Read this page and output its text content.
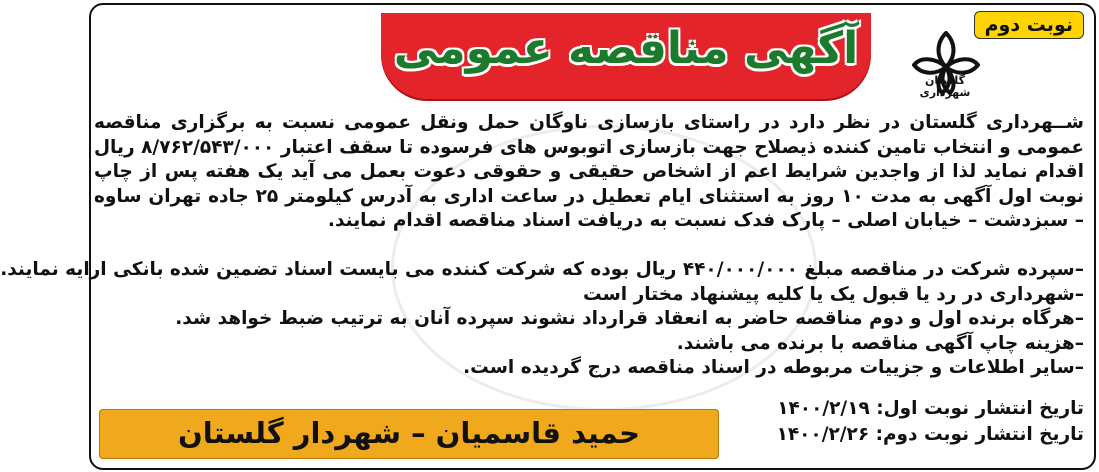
نوبت دوم
گلستان
شهرداری
آگهی مناقصه عمومی

شــهرداری گلستان در نظر دارد در راستای بازسازی ناوگان حمل ونقل عمومی نسبت به برگزاری مناقصه عمومی و انتخاب تامین کننده ذیصلاح جهت بازسازی اتوبوس های فرسوده تا سقف اعتبار ۸/۷۶۲/۵۴۳/۰۰۰ ریال اقدام نماید لذا از واجدین شرایط اعم از اشخاص حقیقی و حقوقی دعوت بعمل می آید یک هفته پس از چاپ نوبت اول آگهی به مدت ۱۰ روز به استثنای ایام تعطیل در ساعت اداری به آدرس کیلومتر ۲۵ جاده تهران ساوه – سبزدشت – خیابان اصلی – پارک فدک نسبت به دریافت اسناد مناقصه اقدام نمایند.

–سپرده شرکت در مناقصه مبلغ ۴۴۰/۰۰۰/۰۰۰ ریال بوده که شرکت کننده می بایست اسناد تضمین شده بانکی ارایه نمایند.
–شهرداری در رد یا قبول یک یا کلیه پیشنهاد مختار است
–هرگاه برنده اول و دوم مناقصه حاضر به انعقاد قرارداد نشوند سپرده آنان به ترتیب ضبط خواهد شد.
–هزینه چاپ آگهی مناقصه با برنده می باشند.
–سایر اطلاعات و جزییات مربوطه در اسناد مناقصه درج گردیده است.
تاریخ انتشار نوبت اول: ۱۴۰۰/۲/۱۹
تاریخ انتشار نوبت دوم: ۱۴۰۰/۲/۲۶
حمید قاسمیان – شهردار گلستان
